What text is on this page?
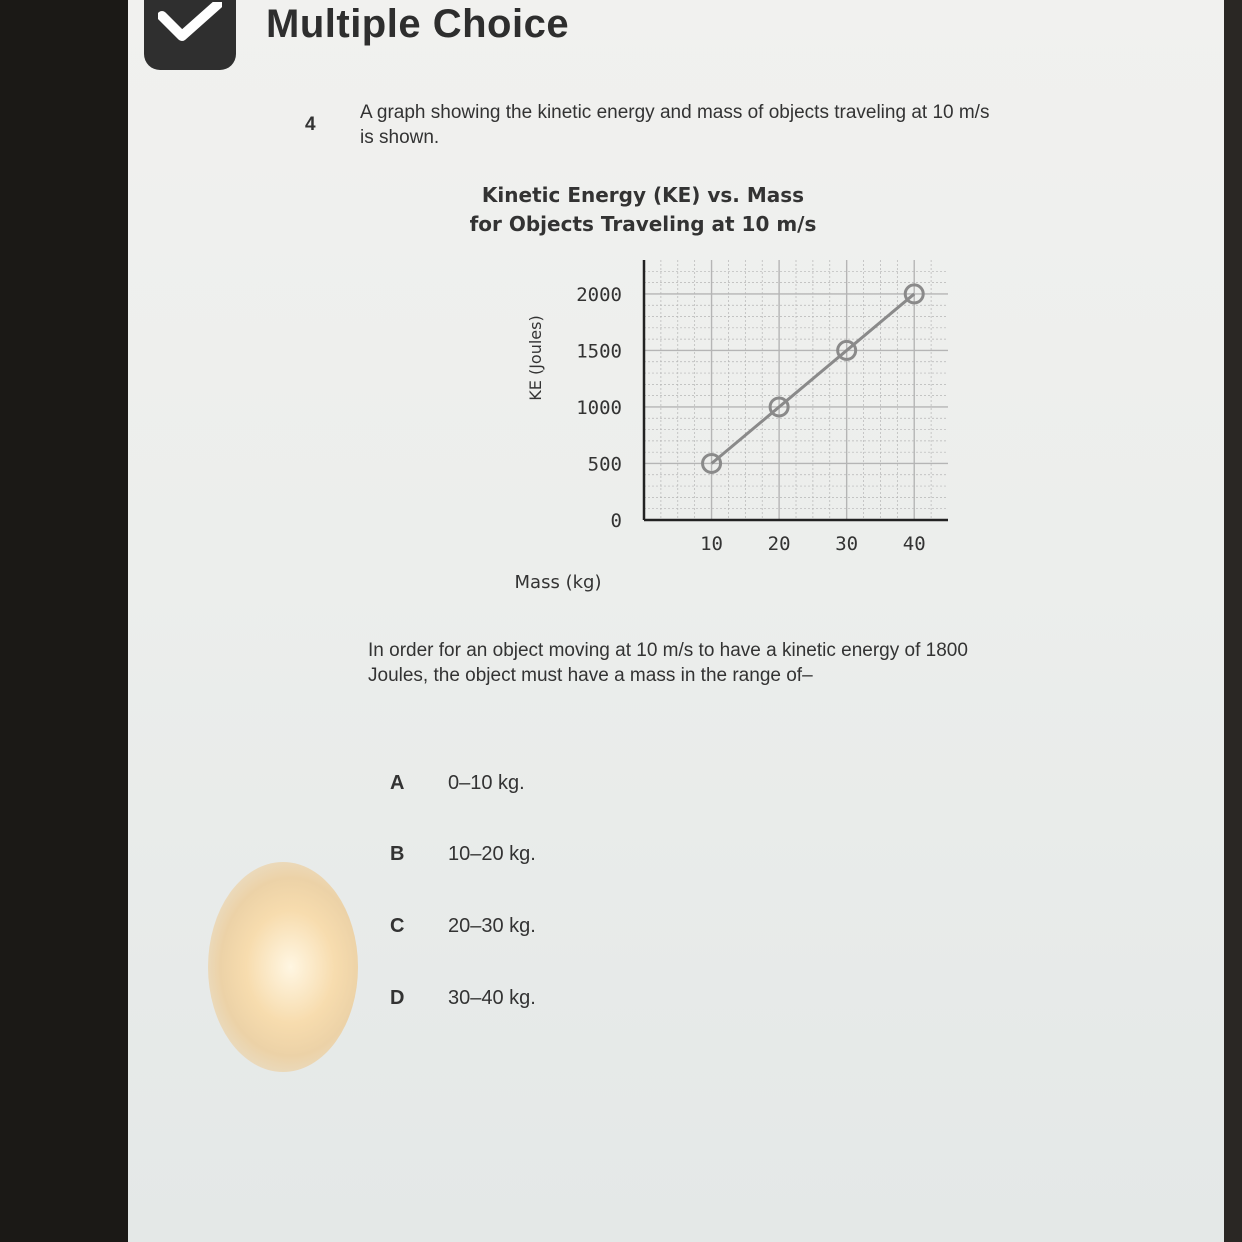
Multiple Choice
4
A graph showing the kinetic energy and mass of objects traveling at 10 m/s is shown.
Kinetic Energy (KE) vs. Mass
for Objects Traveling at 10 m/s
0
500
1000
1500
2000
10 20 30 40
Mass (kg)
KE (Joules)
In order for an object moving at 10 m/s to have a kinetic energy of 1800 Joules, the object must have a mass in the range of–
A 0–10 kg.
B 10–20 kg.
C 20–30 kg.
D 30–40 kg.
